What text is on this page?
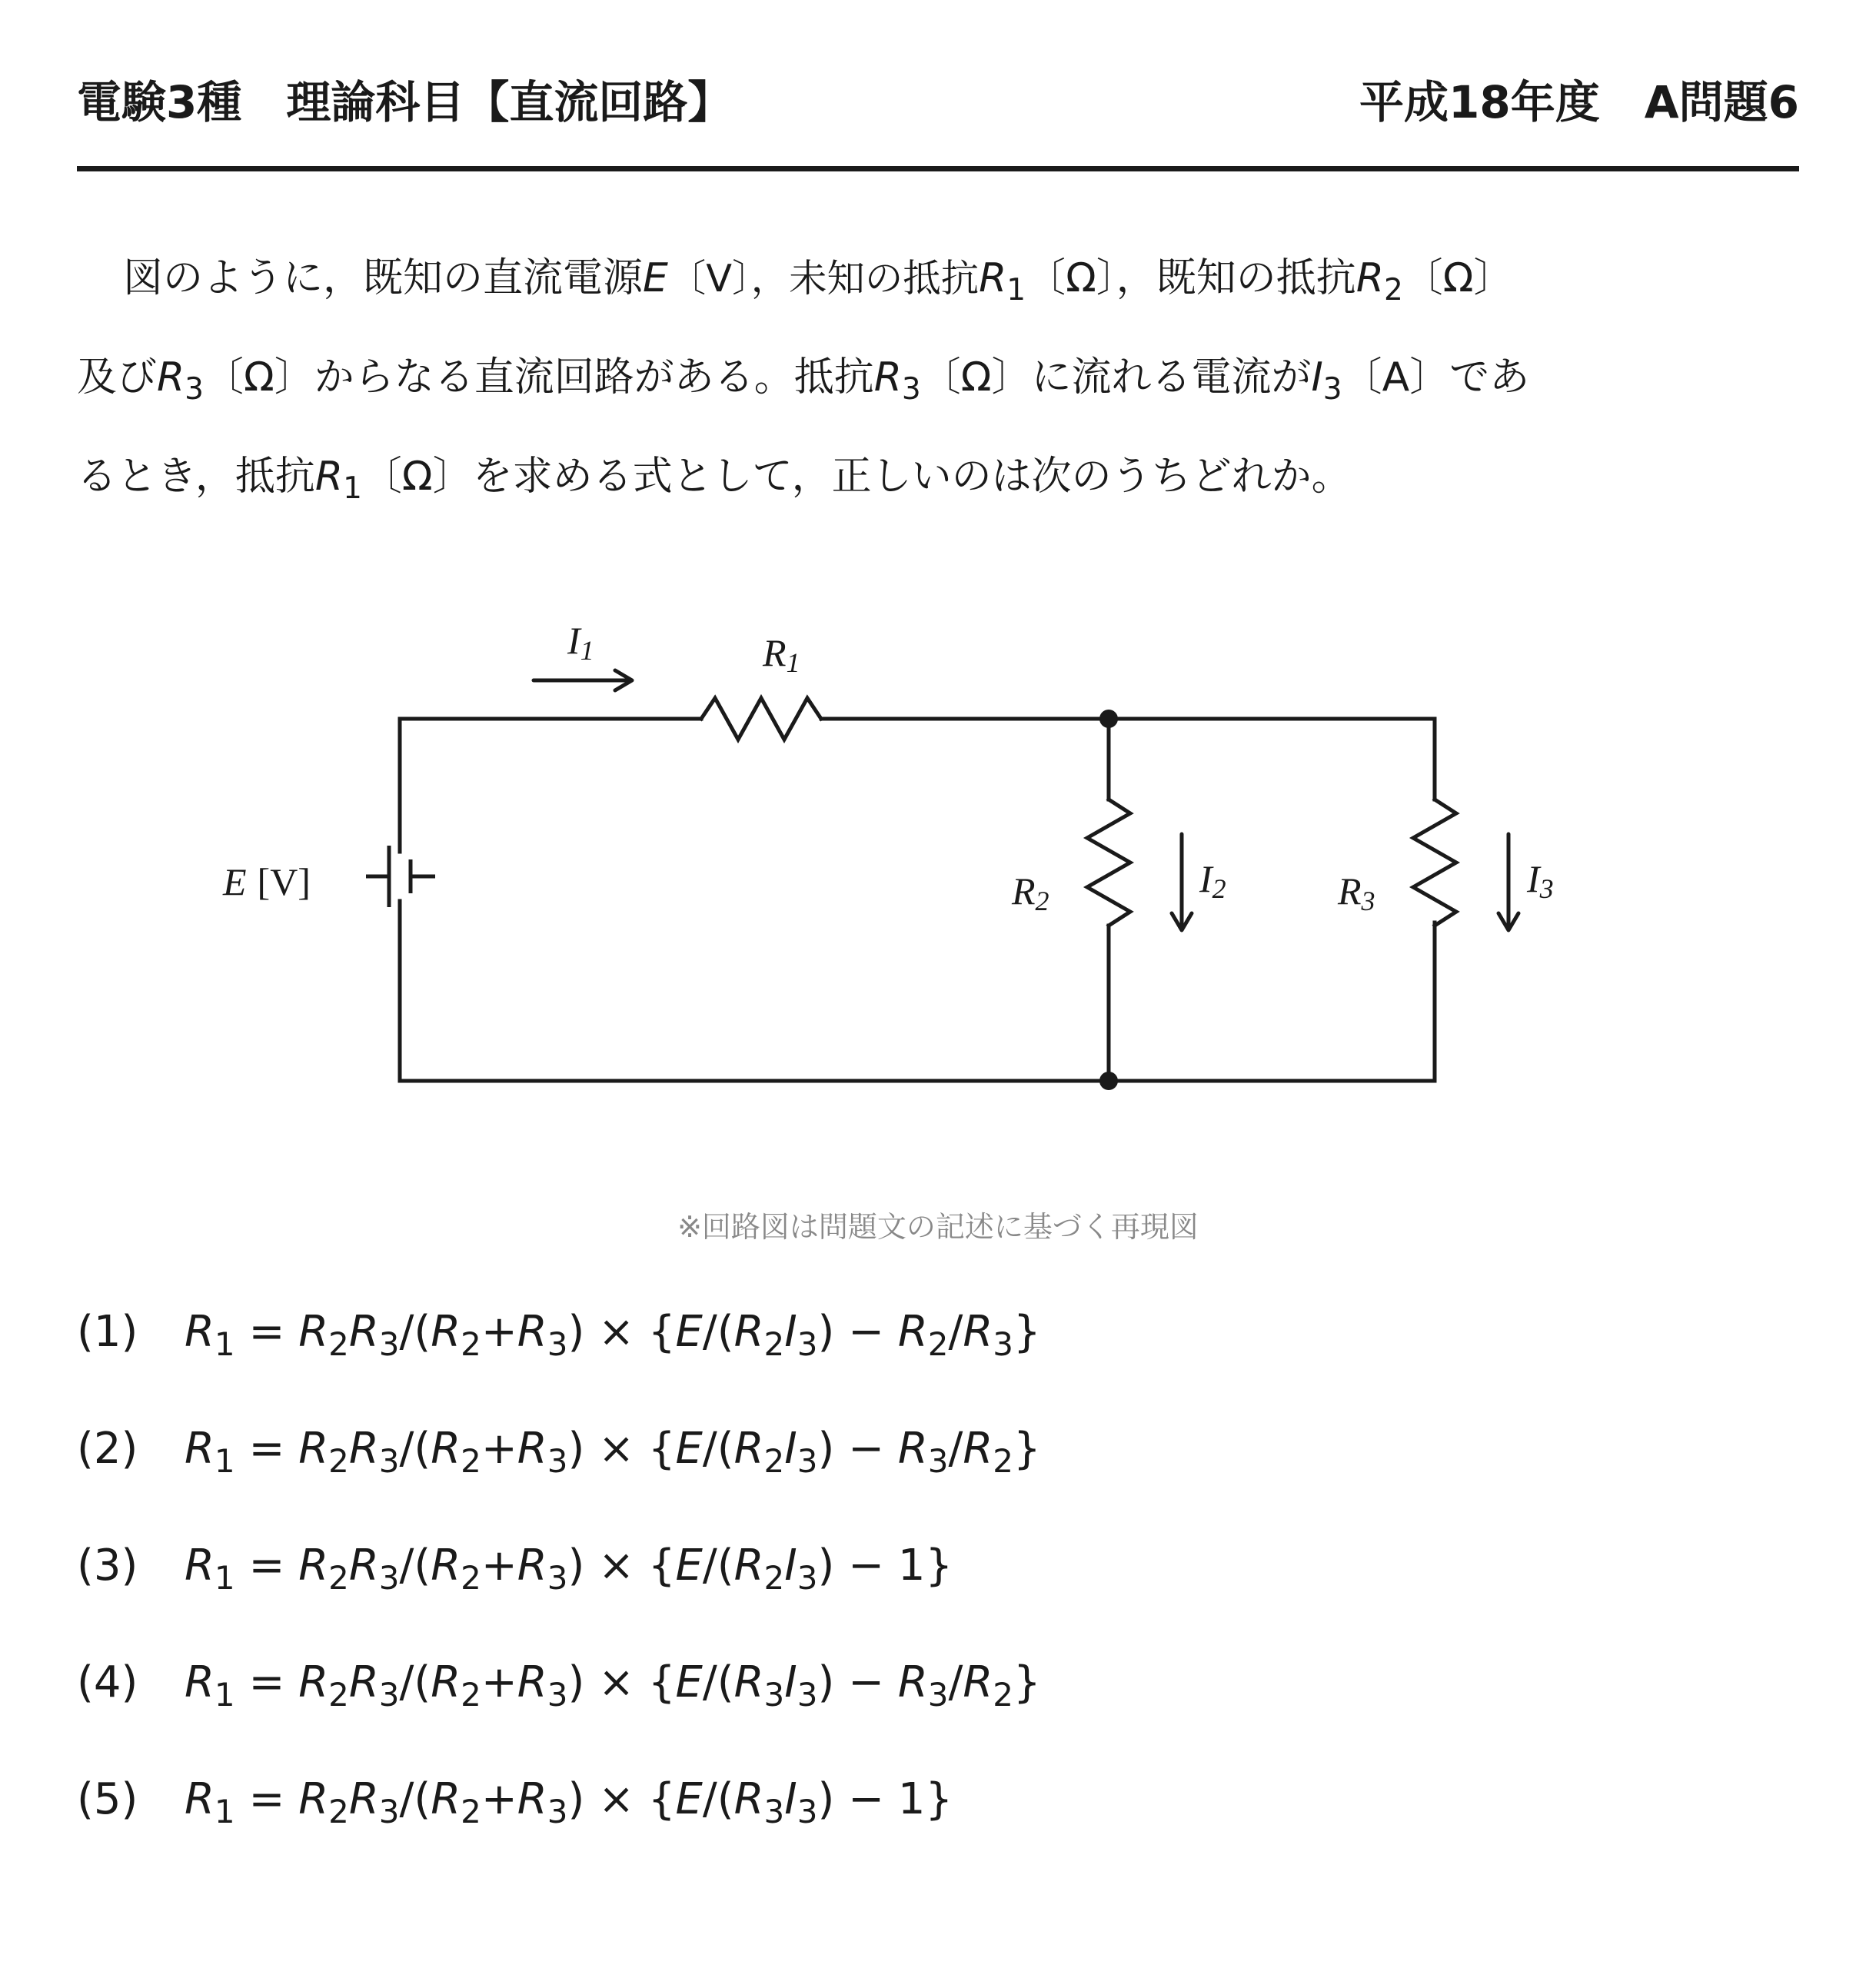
電験3種　理論科目【直流回路】	平成18年度　A問題6

図のように，既知の直流電源E〔V〕，未知の抵抗$R_1$〔Ω〕，既知の抵抗$R_2$〔Ω〕

及び$R_3$〔Ω〕からなる直流回路がある。抵抗$R_3$〔Ω〕に流れる電流が$I_3$〔A〕であ

るとき，抵抗$R_1$〔Ω〕を求める式として，正しいのは次のうちどれか。

E [V]
I1	R1
R2
I2	R3
I3
※回路図は問題文の記述に基づく再現図
(1) $R_1 = R_2R_3/(R_2+R_3) \times \{E/(R_2I_3) - R_2/R_3\}$
(2) $R_1 = R_2R_3/(R_2+R_3) \times \{E/(R_2I_3) - R_3/R_2\}$
(3) $R_1 = R_2R_3/(R_2+R_3) \times \{E/(R_2I_3) - 1\}$
(4) $R_1 = R_2R_3/(R_2+R_3) \times \{E/(R_3I_3) - R_3/R_2\}$
(5) $R_1 = R_2R_3/(R_2+R_3) \times \{E/(R_3I_3) - 1\}$
